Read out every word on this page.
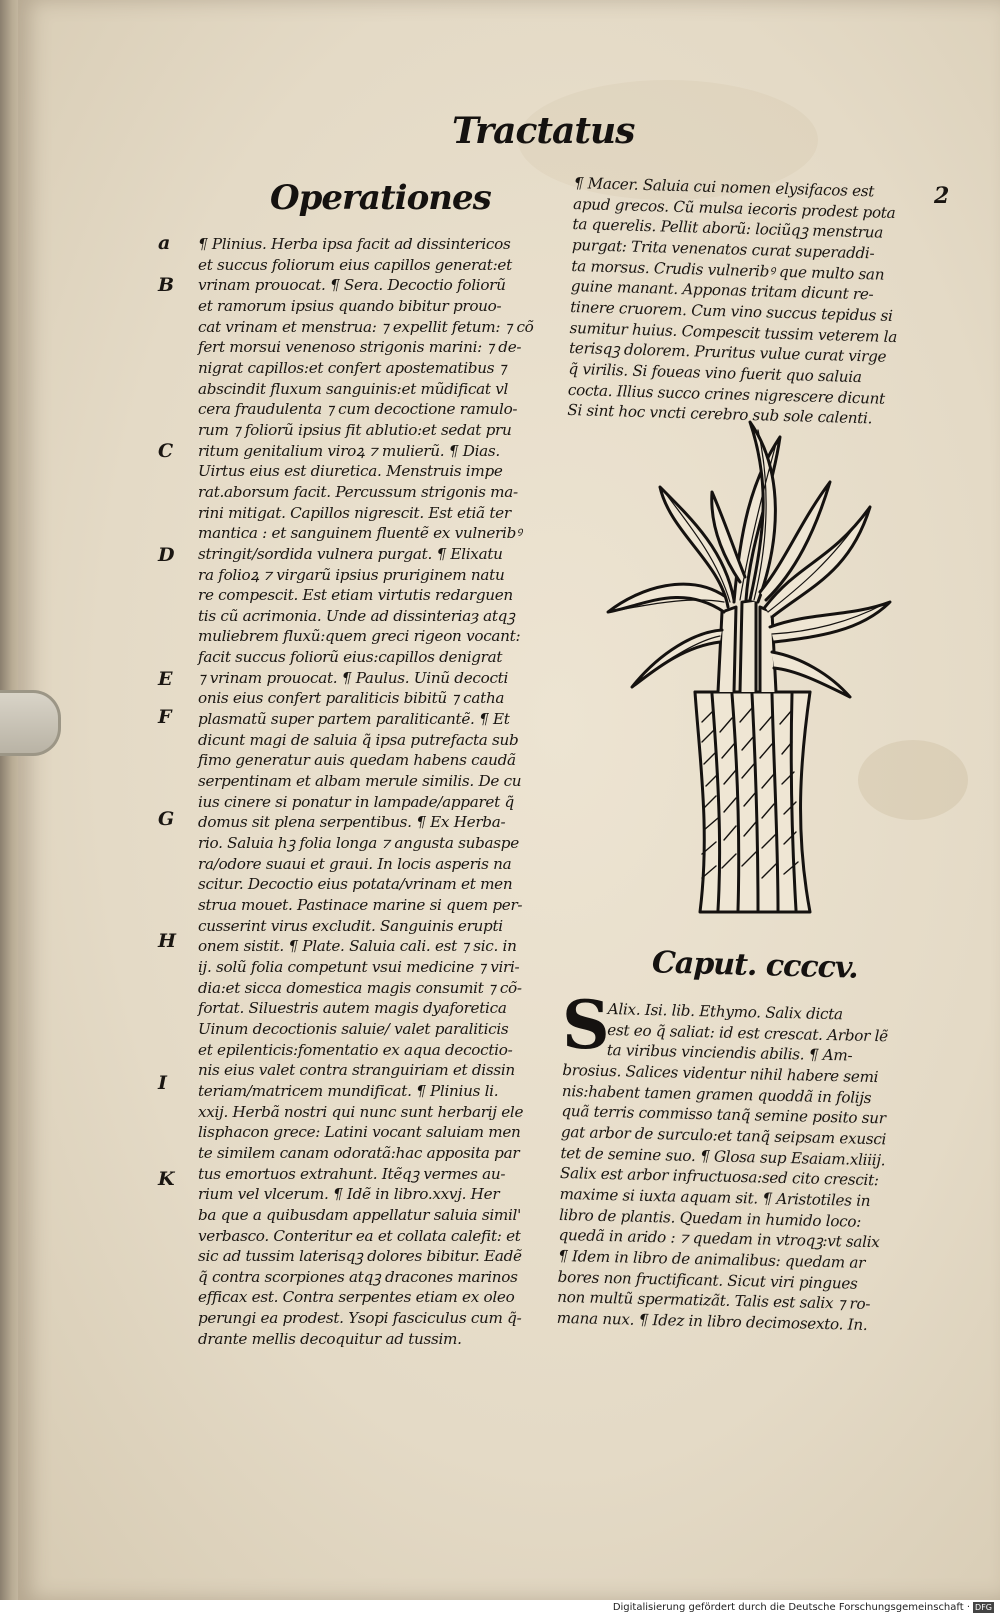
Tractatus
Operationes
a
B
C
D
E
F
G
H
I
K
2
¶ Plinius. Herba ipsa facit ad dissintericos
et succus foliorum eius capillos generat:et
vrinam prouocat. ¶ Sera. Decoctio foliorũ
et ramorum ipsius quando bibitur prouo-
cat vrinam et menstrua: ⁊ expellit fetum: ⁊ cõ
fert morsui venenoso strigonis marini: ⁊ de-
nigrat capillos:et confert apostematibus ⁊
abscindit fluxum sanguinis:et mũdificat vl
cera fraudulenta ⁊ cum decoctione ramulo-
rum ⁊ foliorũ ipsius fit ablutio:et sedat pru
ritum genitalium viroꝝ ⁊ mulierũ. ¶ Dias.
Uirtus eius est diuretica. Menstruis impe
rat.aborsum facit. Percussum strigonis ma-
rini mitigat. Capillos nigrescit. Est etiã ter
mantica : et sanguinem fluentẽ ex vulneribꝰ
stringit/sordida vulnera purgat. ¶ Elixatu
ra folioꝝ ⁊ virgarũ ipsius pruriginem natu
re compescit. Est etiam virtutis redarguen
tis cũ acrimonia. Unde ad dissinteriaȝ atqꝫ
muliebrem fluxũ:quem greci rigeon vocant:
facit succus foliorũ eius:capillos denigrat
⁊ vrinam prouocat. ¶ Paulus. Uinũ decocti
onis eius confert paraliticis bibitũ ⁊ catha
plasmatũ super partem paraliticantẽ. ¶ Et
dicunt magi de saluia q̃ ipsa putrefacta sub
fimo generatur auis quedam habens caudã
serpentinam et albam merule similis. De cu
ius cinere si ponatur in lampade/apparet q̃
domus sit plena serpentibus. ¶ Ex Herba-
rio. Saluia hꝫ folia longa ⁊ angusta subaspe
ra/odore suaui et graui. In locis asperis na
scitur. Decoctio eius potata/vrinam et men
strua mouet. Pastinace marine si quem per-
cusserint virus excludit. Sanguinis erupti
onem sistit. ¶ Plate. Saluia cali. est ⁊ sic. in
ij. solũ folia competunt vsui medicine ⁊ viri-
dia:et sicca domestica magis consumit ⁊ cõ-
fortat. Siluestris autem magis dyaforetica
Uinum decoctionis saluie/ valet paraliticis
et epilenticis:fomentatio ex aqua decoctio-
nis eius valet contra stranguiriam et dissin
teriam/matricem mundificat. ¶ Plinius li.
xxij. Herbã nostri qui nunc sunt herbarij ele
lisphacon grece: Latini vocant saluiam men
te similem canam odoratã:hac apposita par
tus emortuos extrahunt. Itẽqꝫ vermes au-
rium vel vlcerum. ¶ Idẽ in libro.xxvj. Her
ba que a quibusdam appellatur saluia simil'
verbasco. Conteritur ea et collata calefit: et
sic ad tussim laterisqꝫ dolores bibitur. Eadẽ
q̃ contra scorpiones atqꝫ dracones marinos
efficax est. Contra serpentes etiam ex oleo
perungi ea prodest. Ysopi fasciculus cum q̃-
drante mellis decoquitur ad tussim.
¶ Macer. Saluia cui nomen elysifacos est
apud grecos. Cũ mulsa iecoris prodest pota
ta querelis. Pellit aborũ: lociũqꝫ menstrua
purgat: Trita venenatos curat superaddi-
ta morsus. Crudis vulneribꝰ que multo san
guine manant. Apponas tritam dicunt re-
tinere cruorem. Cum vino succus tepidus si
sumitur huius. Compescit tussim veterem la
terisqꝫ dolorem. Pruritus vulue curat virge
q̃ virilis. Si foueas vino fuerit quo saluia
cocta. Illius succo crines nigrescere dicunt
Si sint hoc vncti cerebro sub sole calenti.
Caput. ccccv.
S
Alix. Isi. lib. Ethymo. Salix dicta
est eo q̃ saliat: id est crescat. Arbor lẽ
ta viribus vinciendis abilis. ¶ Am-
brosius. Salices videntur nihil habere semi
nis:habent tamen gramen quoddã in folijs
quã terris commisso tanq̃ semine posito sur
gat arbor de surculo:et tanq̃ seipsam exusci
tet de semine suo. ¶ Glosa sup Esaiam.xliiij.
Salix est arbor infructuosa:sed cito crescit:
maxime si iuxta aquam sit. ¶ Aristotiles in
libro de plantis. Quedam in humido loco:
quedã in arido : ⁊ quedam in vtroqꝫ:vt salix
¶ Idem in libro de animalibus: quedam ar
bores non fructificant. Sicut viri pingues
non multũ spermatizãt. Talis est salix ⁊ ro-
mana nux. ¶ Idez in libro decimosexto. In.
Digitalisierung gefördert durch die Deutsche Forschungsgemeinschaft · DFG
